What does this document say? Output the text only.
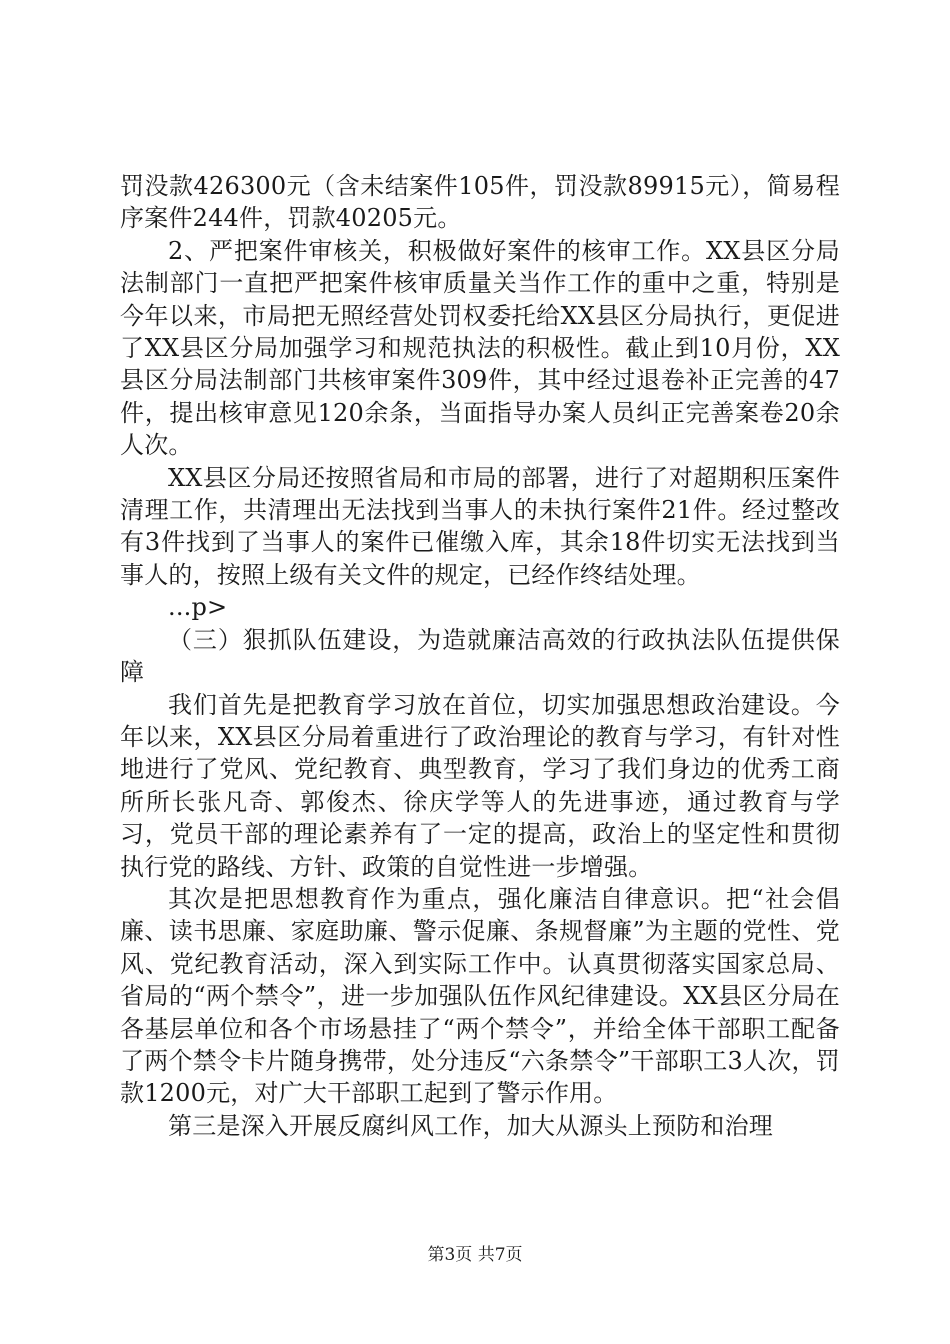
罚没款426300元（含未结案件105件，罚没款89915元），简易程序案件244件，罚款40205元。

2、严把案件审核关，积极做好案件的核审工作。XX县区分局法制部门一直把严把案件核审质量关当作工作的重中之重，特别是今年以来，市局把无照经营处罚权委托给XX县区分局执行，更促进了XX县区分局加强学习和规范执法的积极性。截止到10月份，XX县区分局法制部门共核审案件309件，其中经过退卷补正完善的47件，提出核审意见120余条，当面指导办案人员纠正完善案卷20余人次。

XX县区分局还按照省局和市局的部署，进行了对超期积压案件清理工作，共清理出无法找到当事人的未执行案件21件。经过整改有3件找到了当事人的案件已催缴入库，其余18件切实无法找到当事人的，按照上级有关文件的规定，已经作终结处理。

...p>

（三）狠抓队伍建设，为造就廉洁高效的行政执法队伍提供保障

我们首先是把教育学习放在首位，切实加强思想政治建设。今年以来，XX县区分局着重进行了政治理论的教育与学习，有针对性地进行了党风、党纪教育、典型教育，学习了我们身边的优秀工商所所长张凡奇、郭俊杰、徐庆学等人的先进事迹，通过教育与学习，党员干部的理论素养有了一定的提高，政治上的坚定性和贯彻执行党的路线、方针、政策的自觉性进一步增强。

其次是把思想教育作为重点，强化廉洁自律意识。把“社会倡廉、读书思廉、家庭助廉、警示促廉、条规督廉”为主题的党性、党风、党纪教育活动，深入到实际工作中。认真贯彻落实国家总局、省局的“两个禁令”，进一步加强队伍作风纪律建设。XX县区分局在各基层单位和各个市场悬挂了“两个禁令”，并给全体干部职工配备了两个禁令卡片随身携带，处分违反“六条禁令”干部职工3人次，罚款1200元，对广大干部职工起到了警示作用。

第三是深入开展反腐纠风工作，加大从源头上预防和治理

第3页 共7页
